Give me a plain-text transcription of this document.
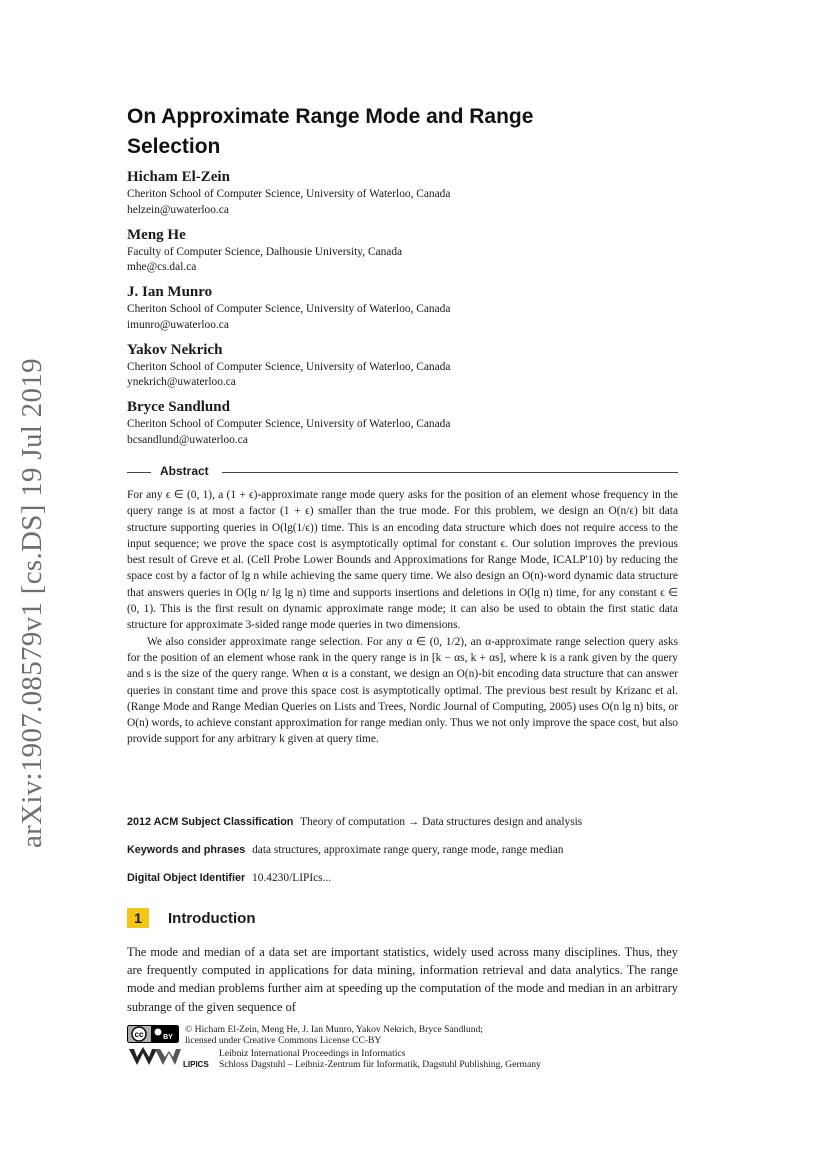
arXiv:1907.08579v1 [cs.DS] 19 Jul 2019
On Approximate Range Mode and Range
Selection
Hicham El-Zein
Cheriton School of Computer Science, University of Waterloo, Canada
helzein@uwaterloo.ca
Meng He
Faculty of Computer Science, Dalhousie University, Canada
mhe@cs.dal.ca
J. Ian Munro
Cheriton School of Computer Science, University of Waterloo, Canada
imunro@uwaterloo.ca
Yakov Nekrich
Cheriton School of Computer Science, University of Waterloo, Canada
ynekrich@uwaterloo.ca
Bryce Sandlund
Cheriton School of Computer Science, University of Waterloo, Canada
bcsandlund@uwaterloo.ca
Abstract

For any ϵ ∈ (0, 1), a (1 + ϵ)-approximate range mode query asks for the position of an element whose frequency in the query range is at most a factor (1 + ϵ) smaller than the true mode. For this problem, we design an O(n/ϵ) bit data structure supporting queries in O(lg(1/ϵ)) time. This is an encoding data structure which does not require access to the input sequence; we prove the space cost is asymptotically optimal for constant ϵ. Our solution improves the previous best result of Greve et al. (Cell Probe Lower Bounds and Approximations for Range Mode, ICALP'10) by reducing the space cost by a factor of lg n while achieving the same query time. We also design an O(n)-word dynamic data structure that answers queries in O(lg n/ lg lg n) time and supports insertions and deletions in O(lg n) time, for any constant ϵ ∈ (0, 1). This is the first result on dynamic approximate range mode; it can also be used to obtain the first static data structure for approximate 3-sided range mode queries in two dimensions.

We also consider approximate range selection. For any α ∈ (0, 1/2), an α-approximate range selection query asks for the position of an element whose rank in the query range is in [k − αs, k + αs], where k is a rank given by the query and s is the size of the query range. When α is a constant, we design an O(n)-bit encoding data structure that can answer queries in constant time and prove this space cost is asymptotically optimal. The previous best result by Krizanc et al. (Range Mode and Range Median Queries on Lists and Trees, Nordic Journal of Computing, 2005) uses O(n lg n) bits, or O(n) words, to achieve constant approximation for range median only. Thus we not only improve the space cost, but also provide support for any arbitrary k given at query time.

2012 ACM Subject Classification Theory of computation → Data structures design and analysis
Keywords and phrases data structures, approximate range query, range mode, range median
Digital Object Identifier 10.4230/LIPIcs...
1 Introduction

The mode and median of a data set are important statistics, widely used across many disciplines. Thus, they are frequently computed in applications for data mining, information retrieval and data analytics. The range mode and median problems further aim at speeding up the computation of the mode and median in an arbitrary subrange of the given sequence of

cc	BY
LIPICS
© Hicham El-Zein, Meng He, J. Ian Munro, Yakov Nekrich, Bryce Sandlund;
licensed under Creative Commons License CC-BY
Leibniz International Proceedings in Informatics
Schloss Dagstuhl – Leibniz-Zentrum für Informatik, Dagstuhl Publishing, Germany
